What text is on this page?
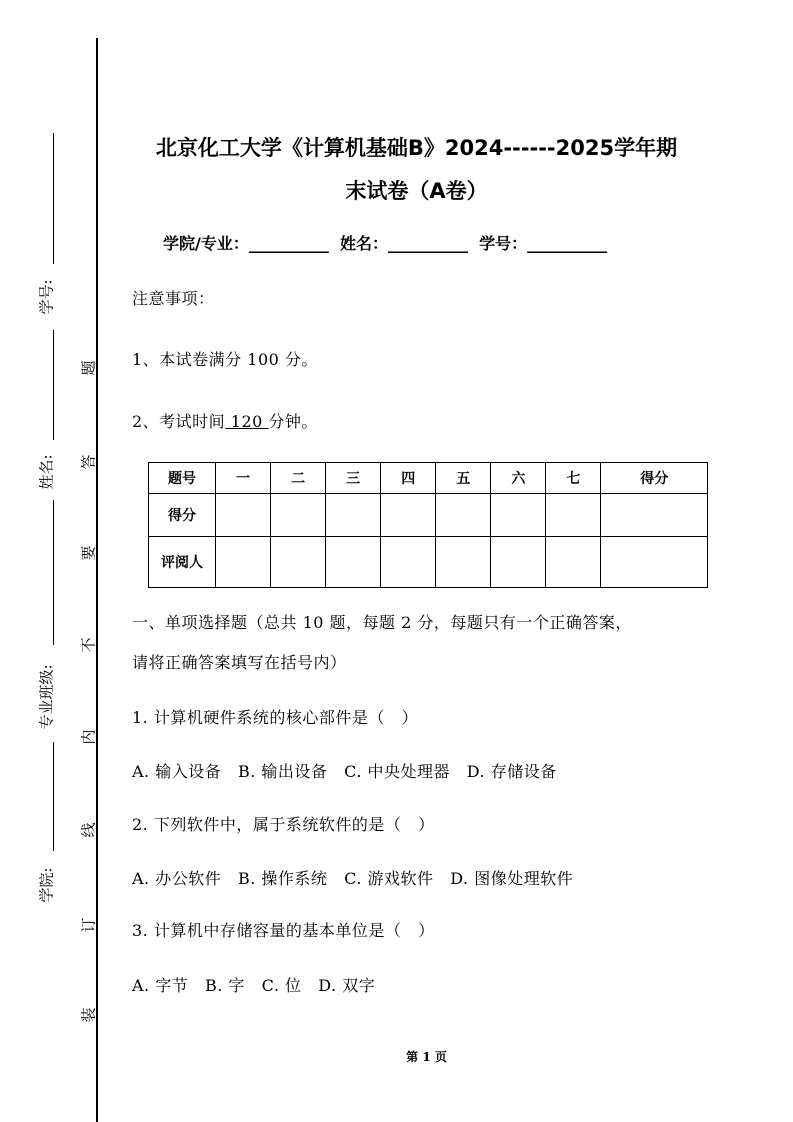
学号:
姓名:
专业班级:
学院:
题
答
要
不
内
线
订
装
北京化工大学《计算机基础B》2024------2025学年期
末试卷（A卷）
学院/专业：__________ 姓名：__________ 学号：__________
注意事项：
1、本试卷满分 100 分。
2、考试时间 120 分钟。
题号	一	二	三	四	五	六	七	得分
得分								
评阅人								
一、单项选择题（总共 10 题，每题 2 分，每题只有一个正确答案，
请将正确答案填写在括号内）
1. 计算机硬件系统的核心部件是（   ）
A. 输入设备   B. 输出设备   C. 中央处理器   D. 存储设备
2. 下列软件中，属于系统软件的是（   ）
A. 办公软件   B. 操作系统   C. 游戏软件   D. 图像处理软件
3. 计算机中存储容量的基本单位是（   ）
A. 字节   B. 字   C. 位   D. 双字
第 1 页
